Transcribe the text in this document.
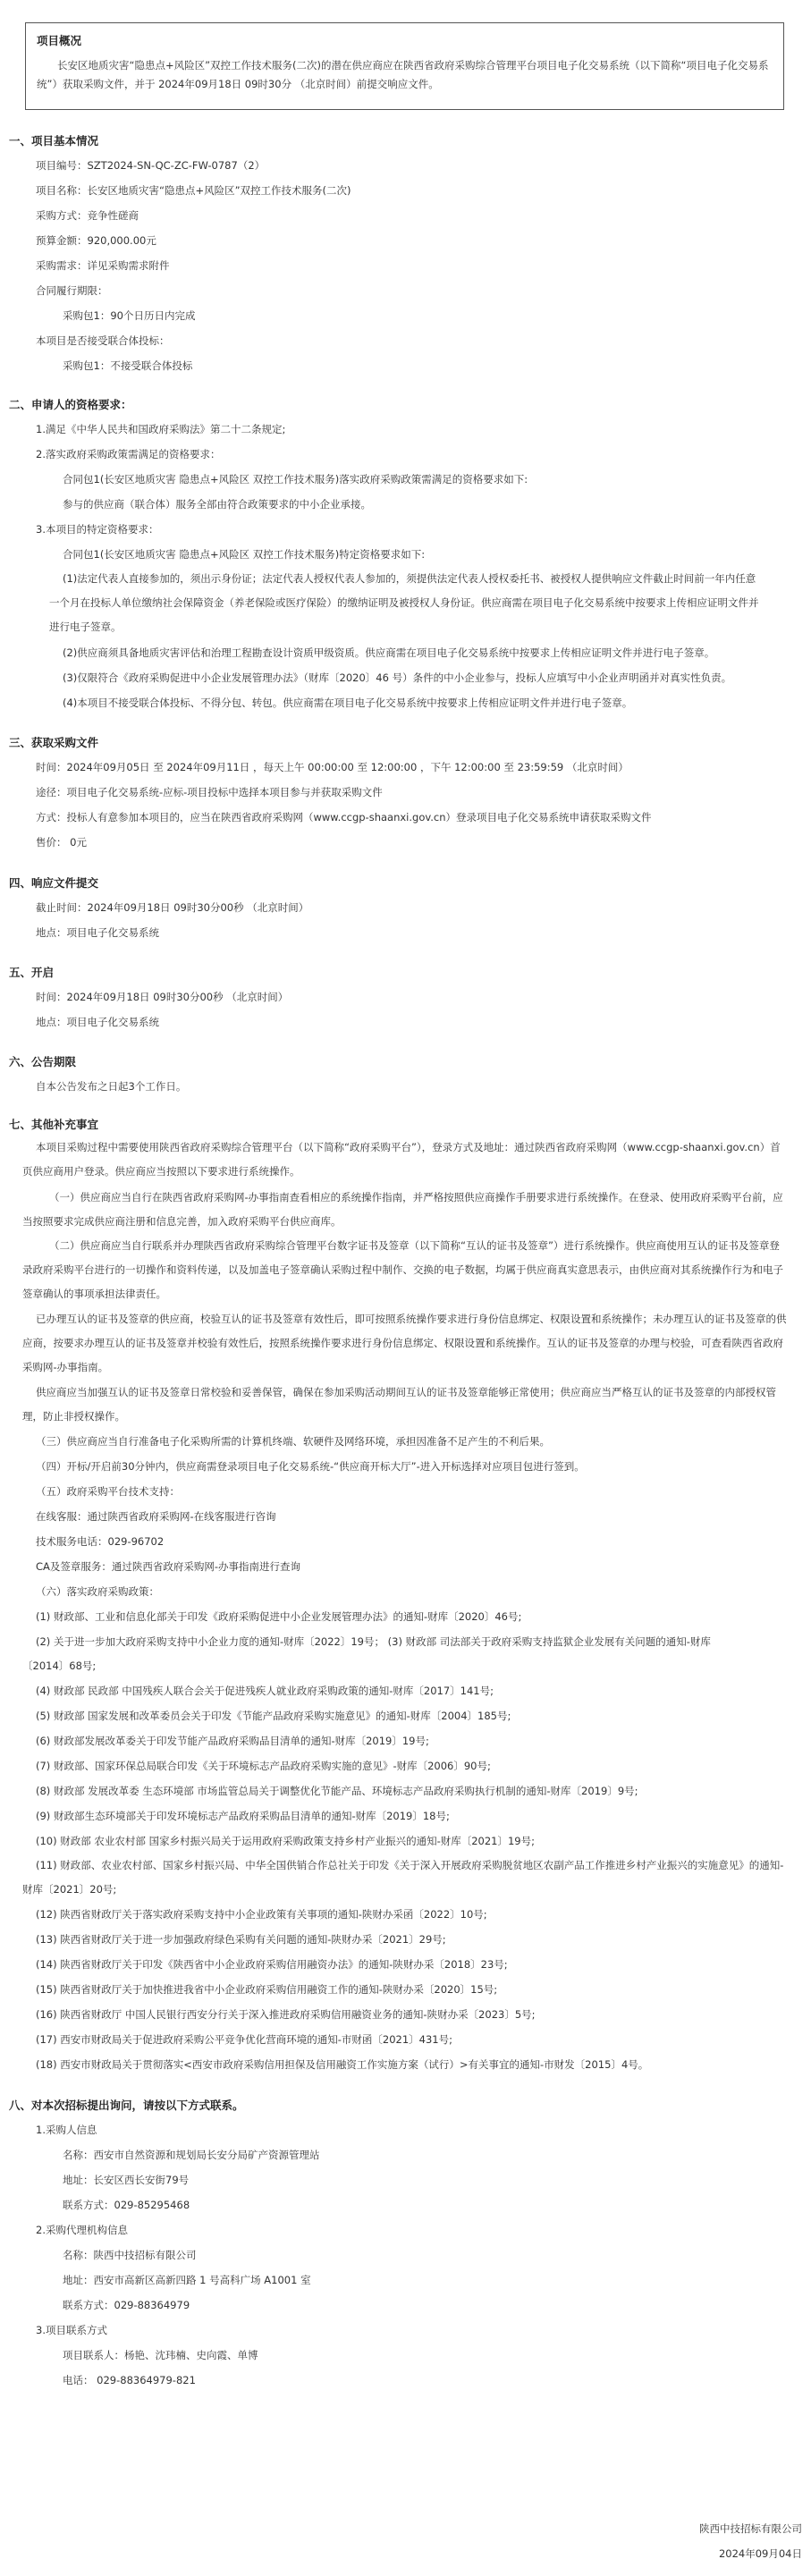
项目概况

长安区地质灾害“隐患点+风险区”双控工作技术服务(二次)的潜在供应商应在陕西省政府采购综合管理平台项目电子化交易系统（以下简称“项目电子化交易系统”）获取采购文件，并于 2024年09月18日 09时30分 （北京时间）前提交响应文件。

一、项目基本情况
项目编号：SZT2024-SN-QC-ZC-FW-0787（2）
项目名称：长安区地质灾害“隐患点+风险区”双控工作技术服务(二次)
采购方式：竞争性磋商
预算金额：920,000.00元
采购需求：详见采购需求附件
合同履行期限：
采购包1：90个日历日内完成
本项目是否接受联合体投标：
采购包1：不接受联合体投标
二、申请人的资格要求：
1.满足《中华人民共和国政府采购法》第二十二条规定;
2.落实政府采购政策需满足的资格要求：
合同包1(长安区地质灾害 隐患点+风险区 双控工作技术服务)落实政府采购政策需满足的资格要求如下:
参与的供应商（联合体）服务全部由符合政策要求的中小企业承接。
3.本项目的特定资格要求：
合同包1(长安区地质灾害 隐患点+风险区 双控工作技术服务)特定资格要求如下:
(1)法定代表人直接参加的，须出示身份证；法定代表人授权代表人参加的，须提供法定代表人授权委托书、被授权人提供响应文件截止时间前一年内任意一个月在投标人单位缴纳社会保障资金（养老保险或医疗保险）的缴纳证明及被授权人身份证。供应商需在项目电子化交易系统中按要求上传相应证明文件并进行电子签章。
(2)供应商须具备地质灾害评估和治理工程勘查设计资质甲级资质。供应商需在项目电子化交易系统中按要求上传相应证明文件并进行电子签章。
(3)仅限符合《政府采购促进中小企业发展管理办法》（财库〔2020〕46 号）条件的中小企业参与，投标人应填写中小企业声明函并对真实性负责。
(4)本项目不接受联合体投标、不得分包、转包。供应商需在项目电子化交易系统中按要求上传相应证明文件并进行电子签章。
三、获取采购文件
时间：2024年09月05日 至 2024年09月11日 ，每天上午 00:00:00 至 12:00:00 ，下午 12:00:00 至 23:59:59 （北京时间）
途径：项目电子化交易系统-应标-项目投标中选择本项目参与并获取采购文件
方式：投标人有意参加本项目的，应当在陕西省政府采购网（www.ccgp-shaanxi.gov.cn）登录项目电子化交易系统申请获取采购文件
售价： 0元
四、响应文件提交
截止时间：2024年09月18日 09时30分00秒 （北京时间）
地点：项目电子化交易系统
五、开启
时间：2024年09月18日 09时30分00秒 （北京时间）
地点：项目电子化交易系统
六、公告期限
自本公告发布之日起3个工作日。
七、其他补充事宜
本项目采购过程中需要使用陕西省政府采购综合管理平台（以下简称“政府采购平台”），登录方式及地址：通过陕西省政府采购网（www.ccgp-shaanxi.gov.cn）首页供应商用户登录。供应商应当按照以下要求进行系统操作。
（一）供应商应当自行在陕西省政府采购网-办事指南查看相应的系统操作指南，并严格按照供应商操作手册要求进行系统操作。在登录、使用政府采购平台前，应当按照要求完成供应商注册和信息完善，加入政府采购平台供应商库。
（二）供应商应当自行联系并办理陕西省政府采购综合管理平台数字证书及签章（以下简称“互认的证书及签章”）进行系统操作。供应商使用互认的证书及签章登录政府采购平台进行的一切操作和资料传递，以及加盖电子签章确认采购过程中制作、交换的电子数据，均属于供应商真实意思表示，由供应商对其系统操作行为和电子签章确认的事项承担法律责任。
已办理互认的证书及签章的供应商，校验互认的证书及签章有效性后，即可按照系统操作要求进行身份信息绑定、权限设置和系统操作；未办理互认的证书及签章的供应商，按要求办理互认的证书及签章并校验有效性后，按照系统操作要求进行身份信息绑定、权限设置和系统操作。互认的证书及签章的办理与校验，可查看陕西省政府采购网-办事指南。
供应商应当加强互认的证书及签章日常校验和妥善保管，确保在参加采购活动期间互认的证书及签章能够正常使用；供应商应当严格互认的证书及签章的内部授权管理，防止非授权操作。
（三）供应商应当自行准备电子化采购所需的计算机终端、软硬件及网络环境，承担因准备不足产生的不利后果。
（四）开标/开启前30分钟内，供应商需登录项目电子化交易系统-“供应商开标大厅”-进入开标选择对应项目包进行签到。
（五）政府采购平台技术支持：
在线客服：通过陕西省政府采购网-在线客服进行咨询
技术服务电话：029-96702
CA及签章服务：通过陕西省政府采购网-办事指南进行查询
（六）落实政府采购政策：
(1) 财政部、工业和信息化部关于印发《政府采购促进中小企业发展管理办法》的通知-财库〔2020〕46号;
(2) 关于进一步加大政府采购支持中小企业力度的通知-财库〔2022〕19号； (3) 财政部 司法部关于政府采购支持监狱企业发展有关问题的通知-财库
〔2014〕68号;
(4) 财政部 民政部 中国残疾人联合会关于促进残疾人就业政府采购政策的通知-财库〔2017〕141号;
(5) 财政部 国家发展和改革委员会关于印发《节能产品政府采购实施意见》的通知-财库〔2004〕185号;
(6) 财政部发展改革委关于印发节能产品政府采购品目清单的通知-财库〔2019〕19号;
(7) 财政部、国家环保总局联合印发《关于环境标志产品政府采购实施的意见》-财库〔2006〕90号;
(8) 财政部 发展改革委 生态环境部 市场监管总局关于调整优化节能产品、环境标志产品政府采购执行机制的通知-财库〔2019〕9号;
(9) 财政部生态环境部关于印发环境标志产品政府采购品目清单的通知-财库〔2019〕18号;
(10) 财政部 农业农村部 国家乡村振兴局关于运用政府采购政策支持乡村产业振兴的通知-财库〔2021〕19号;
(11) 财政部、农业农村部、国家乡村振兴局、中华全国供销合作总社关于印发《关于深入开展政府采购脱贫地区农副产品工作推进乡村产业振兴的实施意见》的通知-财库〔2021〕20号;
(12) 陕西省财政厅关于落实政府采购支持中小企业政策有关事项的通知-陕财办采函〔2022〕10号;
(13) 陕西省财政厅关于进一步加强政府绿色采购有关问题的通知-陕财办采〔2021〕29号;
(14) 陕西省财政厅关于印发《陕西省中小企业政府采购信用融资办法》的通知-陕财办采〔2018〕23号;
(15) 陕西省财政厅关于加快推进我省中小企业政府采购信用融资工作的通知-陕财办采〔2020〕15号;
(16) 陕西省财政厅 中国人民银行西安分行关于深入推进政府采购信用融资业务的通知-陕财办采〔2023〕5号;
(17) 西安市财政局关于促进政府采购公平竞争优化营商环境的通知-市财函〔2021〕431号;
(18) 西安市财政局关于贯彻落实<西安市政府采购信用担保及信用融资工作实施方案（试行）>有关事宜的通知-市财发〔2015〕4号。
八、对本次招标提出询问，请按以下方式联系。
1.采购人信息
名称：西安市自然资源和规划局长安分局矿产资源管理站
地址：长安区西长安街79号
联系方式：029-85295468
2.采购代理机构信息
名称：陕西中技招标有限公司
地址：西安市高新区高新四路 1 号高科广场 A1001 室
联系方式：029-88364979
3.项目联系方式
项目联系人：杨艳、沈玮楠、史向霞、单博
电话： 029-88364979-821
陕西中技招标有限公司
2024年09月04日
